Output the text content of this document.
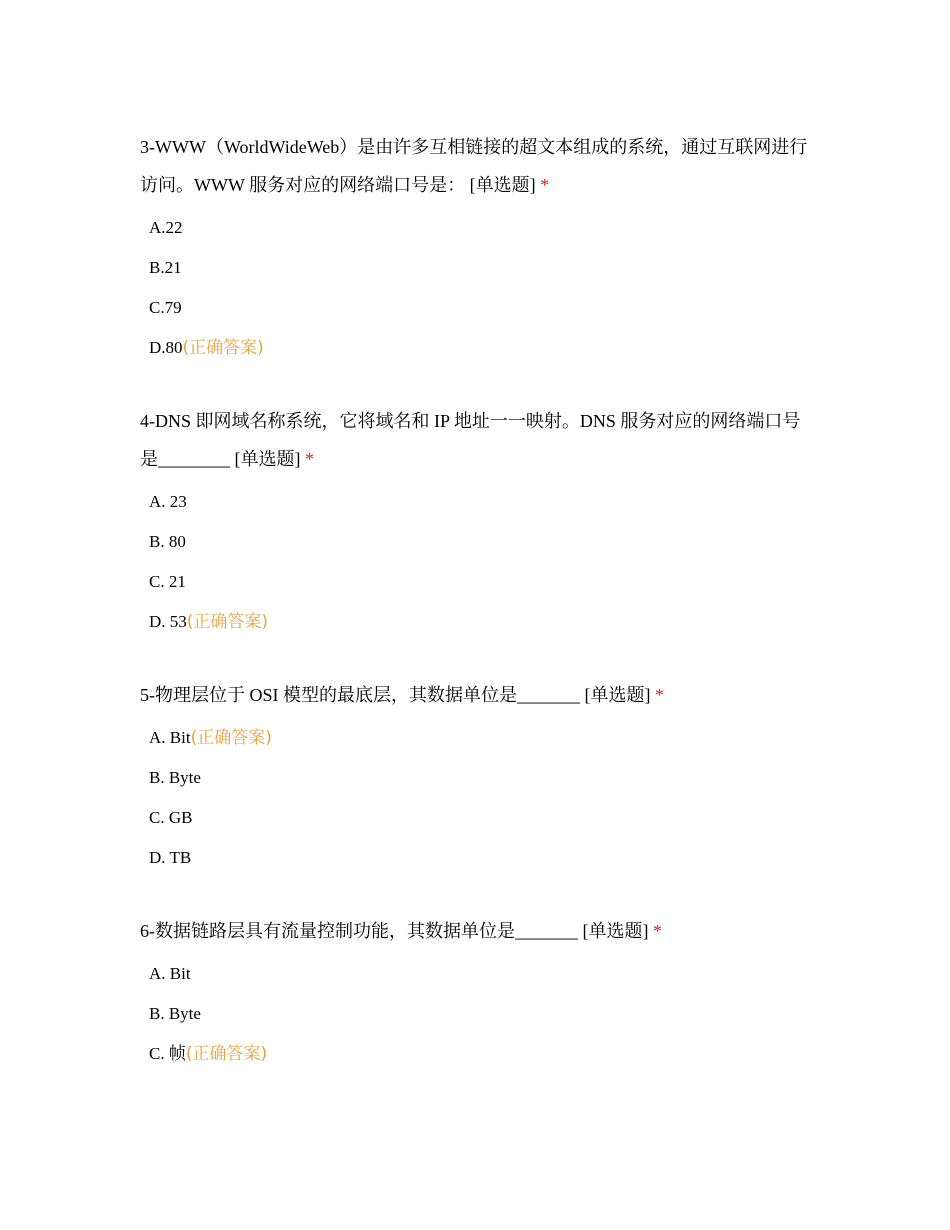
3-WWW（WorldWideWeb）是由许多互相链接的超文本组成的系统，通过互联网进行访问。WWW 服务对应的网络端口号是： [单选题] *
A.22
B.21
C.79
D.80(正确答案)
4-DNS 即网域名称系统，它将域名和 IP 地址一一映射。DNS 服务对应的网络端口号是________ [单选题] *
A. 23
B. 80
C. 21
D. 53(正确答案)
5-物理层位于 OSI 模型的最底层，其数据单位是_______ [单选题] *
A. Bit(正确答案)
B. Byte
C. GB
D. TB
6-数据链路层具有流量控制功能，其数据单位是_______ [单选题] *
A. Bit
B. Byte
C. 帧(正确答案)
